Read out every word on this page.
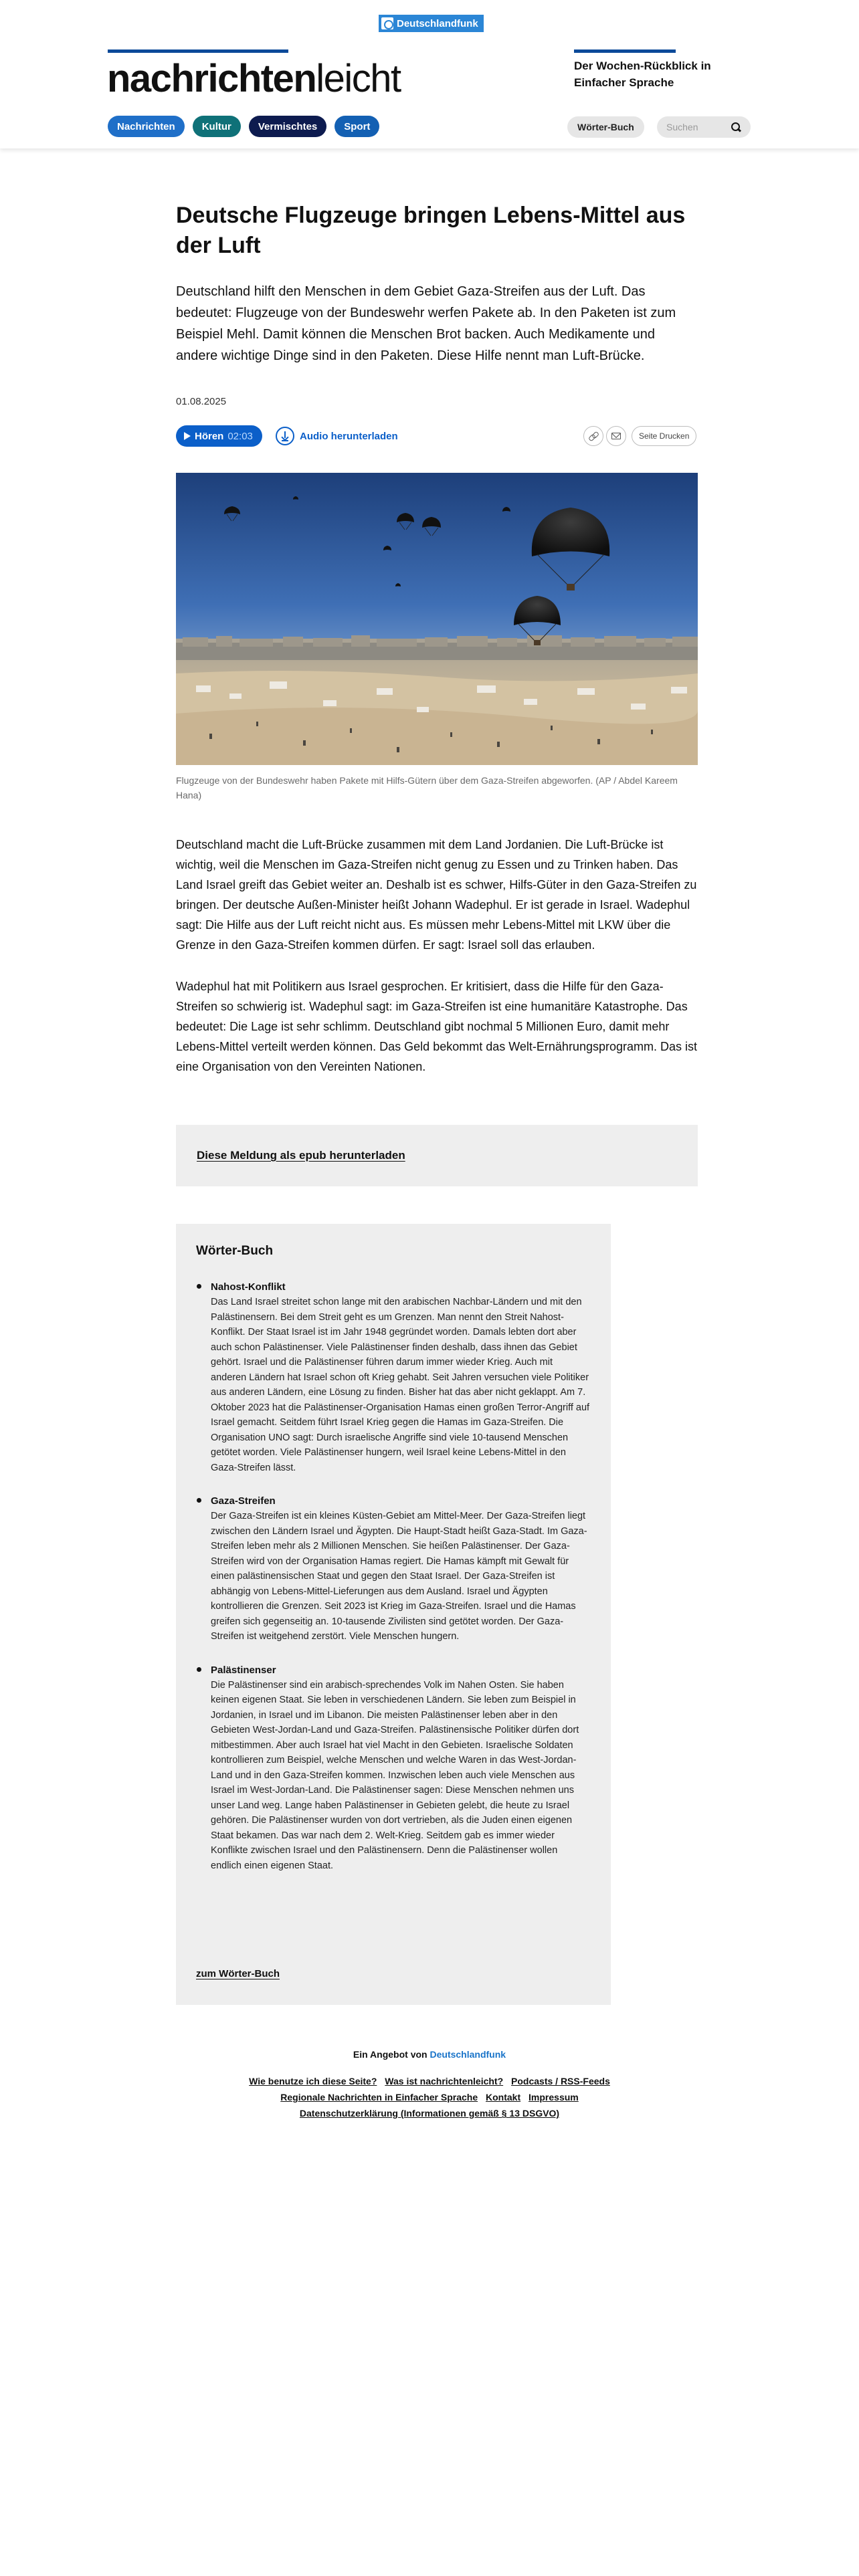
Deutschlandfunk
nachrichtenleicht	Der Wochen-Rückblick in Einfacher Sprache
Nachrichten	Kultur	Vermischtes	Sport	Wörter-Buch
Suchen
Deutsche Flugzeuge bringen Lebens-Mittel aus der Luft

Deutschland hilft den Menschen in dem Gebiet Gaza-Streifen aus der Luft. Das bedeutet: Flugzeuge von der Bundeswehr werfen Pakete ab. In den Paketen ist zum Beispiel Mehl. Damit können die Menschen Brot backen. Auch Medikamente und andere wichtige Dinge sind in den Paketen. Diese Hilfe nennt man Luft-Brücke.

01.08.2025
Hören 02:03	Audio herunterladen	Seite Drucken
Flugzeuge von der Bundeswehr haben Pakete mit Hilfs-Gütern über dem Gaza-Streifen abgeworfen. (AP / Abdel Kareem Hana)

Deutschland macht die Luft-Brücke zusammen mit dem Land Jordanien. Die Luft-Brücke ist wichtig, weil die Menschen im Gaza-Streifen nicht genug zu Essen und zu Trinken haben. Das Land Israel greift das Gebiet weiter an. Deshalb ist es schwer, Hilfs-Güter in den Gaza-Streifen zu bringen. Der deutsche Außen-Minister heißt Johann Wadephul. Er ist gerade in Israel. Wadephul sagt: Die Hilfe aus der Luft reicht nicht aus. Es müssen mehr Lebens-Mittel mit LKW über die Grenze in den Gaza-Streifen kommen dürfen. Er sagt: Israel soll das erlauben.

Wadephul hat mit Politikern aus Israel gesprochen. Er kritisiert, dass die Hilfe für den Gaza-Streifen so schwierig ist. Wadephul sagt: im Gaza-Streifen ist eine humanitäre Katastrophe. Das bedeutet: Die Lage ist sehr schlimm. Deutschland gibt nochmal 5 Millionen Euro, damit mehr Lebens-Mittel verteilt werden können. Das Geld bekommt das Welt-Ernährungsprogramm. Das ist eine Organisation von den Vereinten Nationen.

Diese Meldung als epub herunterladen
Wörter-Buch
Nahost-Konflikt
Das Land Israel streitet schon lange mit den arabischen Nachbar-Ländern und mit den Palästinensern. Bei dem Streit geht es um Grenzen. Man nennt den Streit Nahost-Konflikt. Der Staat Israel ist im Jahr 1948 gegründet worden. Damals lebten dort aber auch schon Palästinenser. Viele Palästinenser finden deshalb, dass ihnen das Gebiet gehört. Israel und die Palästinenser führen darum immer wieder Krieg. Auch mit anderen Ländern hat Israel schon oft Krieg gehabt. Seit Jahren versuchen viele Politiker aus anderen Ländern, eine Lösung zu finden. Bisher hat das aber nicht geklappt. Am 7. Oktober 2023 hat die Palästinenser-Organisation Hamas einen großen Terror-Angriff auf Israel gemacht. Seitdem führt Israel Krieg gegen die Hamas im Gaza-Streifen. Die Organisation UNO sagt: Durch israelische Angriffe sind viele 10-tausend Menschen getötet worden. Viele Palästinenser hungern, weil Israel keine Lebens-Mittel in den Gaza-Streifen lässt.
Gaza-Streifen
Der Gaza-Streifen ist ein kleines Küsten-Gebiet am Mittel-Meer. Der Gaza-Streifen liegt zwischen den Ländern Israel und Ägypten. Die Haupt-Stadt heißt Gaza-Stadt. Im Gaza-Streifen leben mehr als 2 Millionen Menschen. Sie heißen Palästinenser. Der Gaza-Streifen wird von der Organisation Hamas regiert. Die Hamas kämpft mit Gewalt für einen palästinensischen Staat und gegen den Staat Israel. Der Gaza-Streifen ist abhängig von Lebens-Mittel-Lieferungen aus dem Ausland. Israel und Ägypten kontrollieren die Grenzen. Seit 2023 ist Krieg im Gaza-Streifen. Israel und die Hamas greifen sich gegenseitig an. 10-tausende Zivilisten sind getötet worden. Der Gaza-Streifen ist weitgehend zerstört. Viele Menschen hungern.
Palästinenser
Die Palästinenser sind ein arabisch-sprechendes Volk im Nahen Osten. Sie haben keinen eigenen Staat. Sie leben in verschiedenen Ländern. Sie leben zum Beispiel in Jordanien, in Israel und im Libanon. Die meisten Palästinenser leben aber in den Gebieten West-Jordan-Land und Gaza-Streifen. Palästinensische Politiker dürfen dort mitbestimmen. Aber auch Israel hat viel Macht in den Gebieten. Israelische Soldaten kontrollieren zum Beispiel, welche Menschen und welche Waren in das West-Jordan-Land und in den Gaza-Streifen kommen. Inzwischen leben auch viele Menschen aus Israel im West-Jordan-Land. Die Palästinenser sagen: Diese Menschen nehmen uns unser Land weg. Lange haben Palästinenser in Gebieten gelebt, die heute zu Israel gehören. Die Palästinenser wurden von dort vertrieben, als die Juden einen eigenen Staat bekamen. Das war nach dem 2. Welt-Krieg. Seitdem gab es immer wieder Konflikte zwischen Israel und den Palästinensern. Denn die Palästinenser wollen endlich einen eigenen Staat.
zum Wörter-Buch
Ein Angebot von Deutschlandfunk
Wie benutze ich diese Seite? Was ist nachrichtenleicht? Podcasts / RSS-Feeds
Regionale Nachrichten in Einfacher Sprache Kontakt Impressum
Datenschutzerklärung (Informationen gemäß § 13 DSGVO)
